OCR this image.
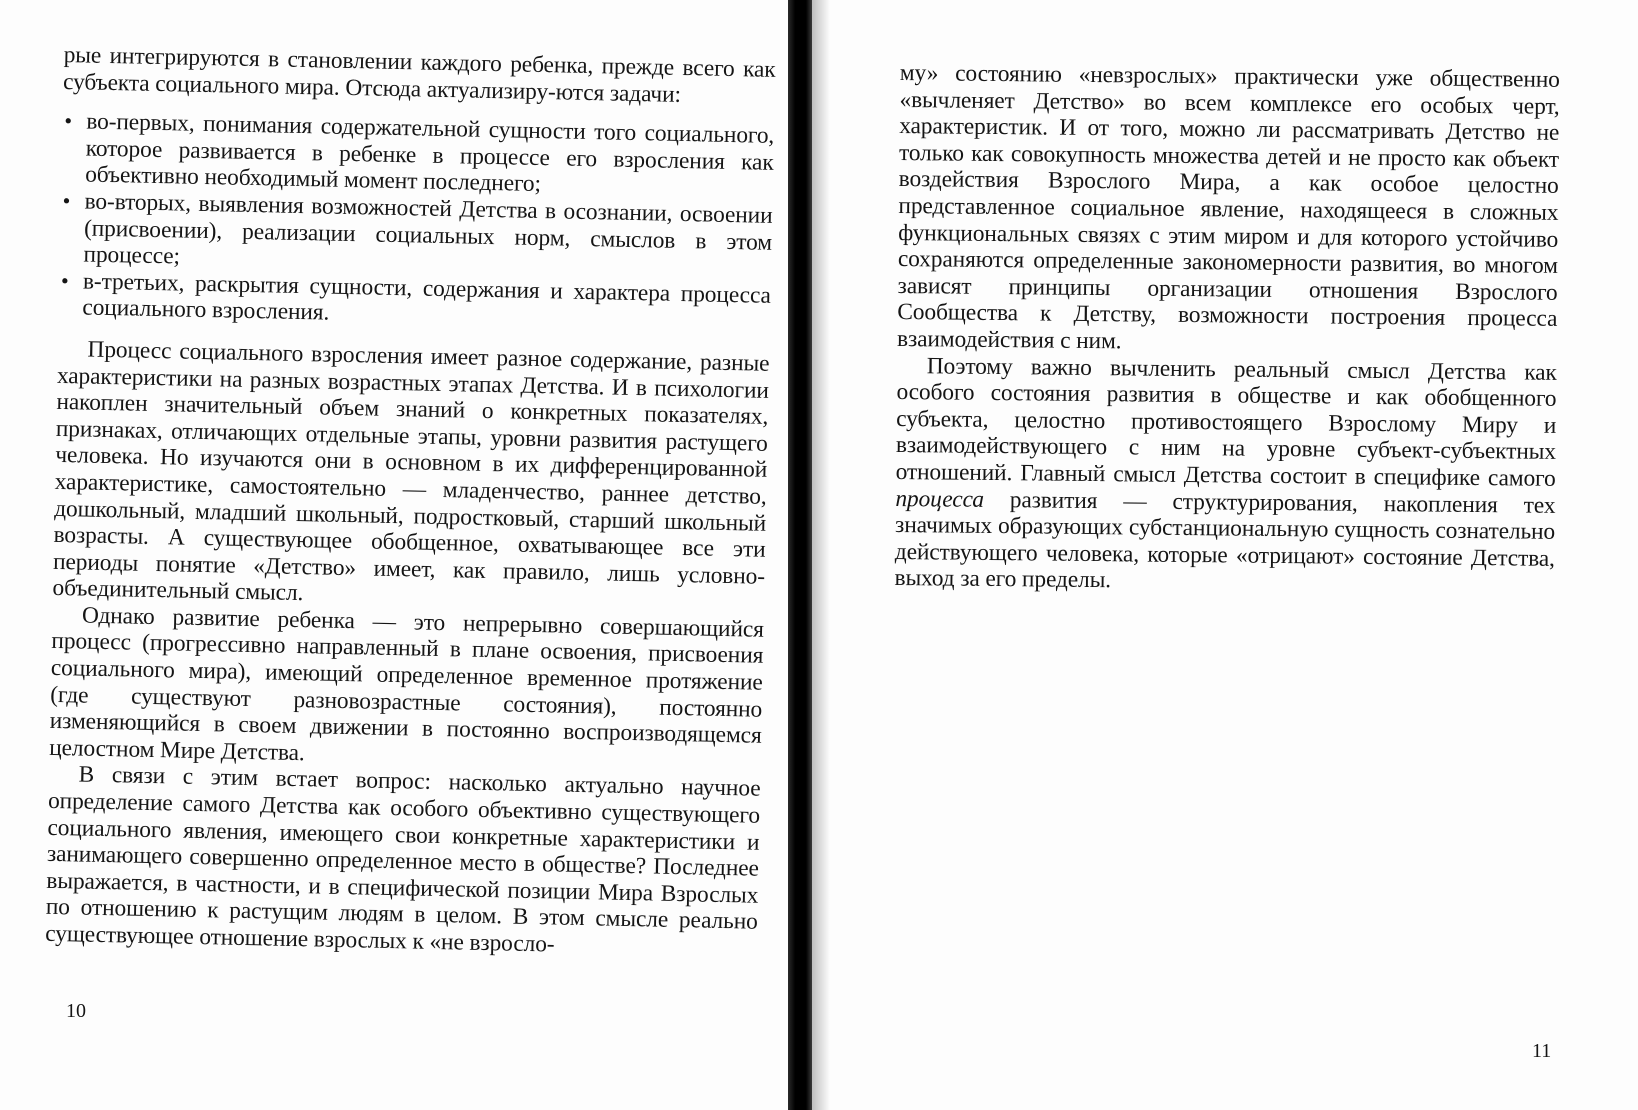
рые интегрируются в становлении каждого ребенка, прежде всего как субъекта социального мира. Отсюда актуализиру-ются задачи:

• во-первых, понимания содержательной сущности того социального, которое развивается в ребенке в процессе его взросления как объективно необходимый момент последнего;
• во-вторых, выявления возможностей Детства в осознании, освоении (присвоении), реализации социальных норм, смыслов в этом процессе;
• в-третьих, раскрытия сущности, содержания и характера процесса социального взросления.

Процесс социального взросления имеет разное содержание, разные характеристики на разных возрастных этапах Детства. И в психологии накоплен значительный объем знаний о конкретных показателях, признаках, отличающих отдельные этапы, уровни развития растущего человека. Но изучаются они в основном в их дифференцированной характеристике, самостоятельно — младенчество, раннее детство, дошкольный, младший школьный, подростковый, старший школьный возрасты. А существующее обобщенное, охватывающее все эти периоды понятие «Детство» имеет, как правило, лишь условно-объединительный смысл.

Однако развитие ребенка — это непрерывно совершающийся процесс (прогрессивно направленный в плане освоения, присвоения социального мира), имеющий определенное временное протяжение (где существуют разновозрастные состояния), постоянно изменяющийся в своем движении в постоянно воспроизводящемся целостном Мире Детства.

В связи с этим встает вопрос: насколько актуально научное определение самого Детства как особого объективно существующего социального явления, имеющего свои конкретные характеристики и занимающего совершенно определенное место в обществе? Последнее выражается, в частности, и в специфической позиции Мира Взрослых по отношению к растущим людям в целом. В этом смысле реально существующее отношение взрослых к «не взросло-

10

му» состоянию «невзрослых» практически уже общественно «вычленяет Детство» во всем комплексе его особых черт, характеристик. И от того, можно ли рассматривать Детство не только как совокупность множества детей и не просто как объект воздействия Взрослого Мира, а как особое целостно представленное социальное явление, находящееся в сложных функциональных связях с этим миром и для которого устойчиво сохраняются определенные закономерности развития, во многом зависят принципы организации отношения Взрослого Сообщества к Детству, возможности построения процесса взаимодействия с ним.

Поэтому важно вычленить реальный смысл Детства как особого состояния развития в обществе и как обобщенного субъекта, целостно противостоящего Взрослому Миру и взаимодействующего с ним на уровне субъект-субъектных отношений. Главный смысл Детства состоит в специфике самого процесса развития — структурирования, накопления тех значимых образующих субстанциональную сущность сознательно действующего человека, которые «отрицают» состояние Детства, выход за его пределы.

11
